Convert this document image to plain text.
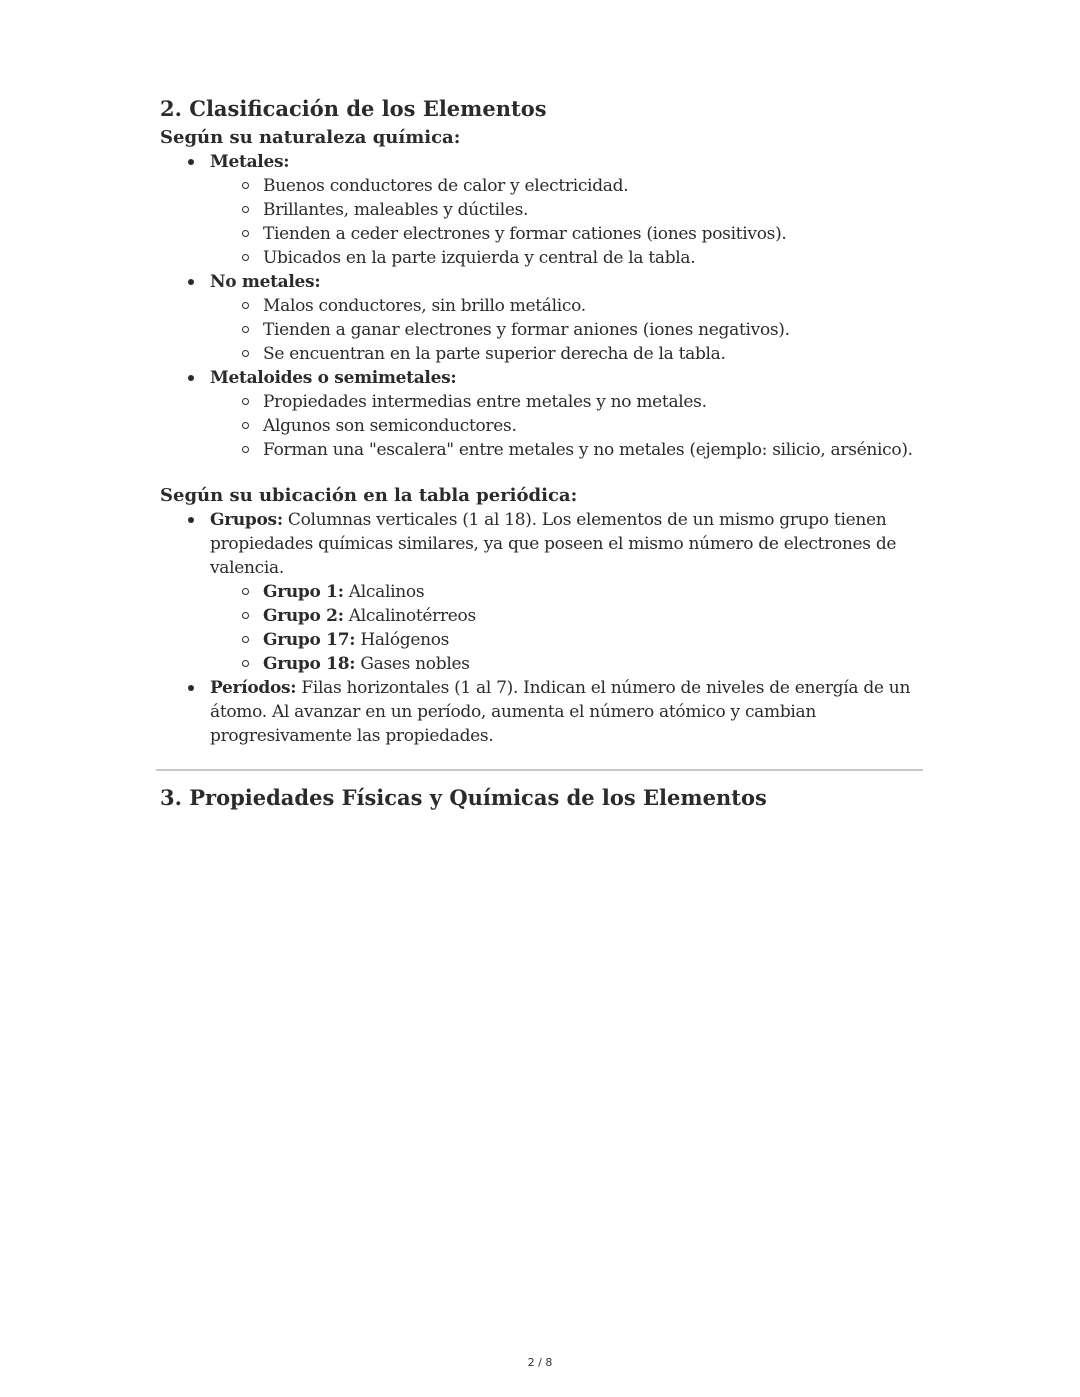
2. Clasificación de los Elementos
Según su naturaleza química:
Metales:
Buenos conductores de calor y electricidad.
Brillantes, maleables y dúctiles.
Tienden a ceder electrones y formar cationes (iones positivos).
Ubicados en la parte izquierda y central de la tabla.
No metales:
Malos conductores, sin brillo metálico.
Tienden a ganar electrones y formar aniones (iones negativos).
Se encuentran en la parte superior derecha de la tabla.
Metaloides o semimetales:
Propiedades intermedias entre metales y no metales.
Algunos son semiconductores.
Forman una "escalera" entre metales y no metales (ejemplo: silicio, arsénico).
Según su ubicación en la tabla periódica:
Grupos: Columnas verticales (1 al 18). Los elementos de un mismo grupo tienen propiedades químicas similares, ya que poseen el mismo número de electrones de valencia.
Grupo 1: Alcalinos
Grupo 2: Alcalinotérreos
Grupo 17: Halógenos
Grupo 18: Gases nobles
Períodos: Filas horizontales (1 al 7). Indican el número de niveles de energía de un átomo. Al avanzar en un período, aumenta el número atómico y cambian progresivamente las propiedades.
3. Propiedades Físicas y Químicas de los Elementos
2 / 8
